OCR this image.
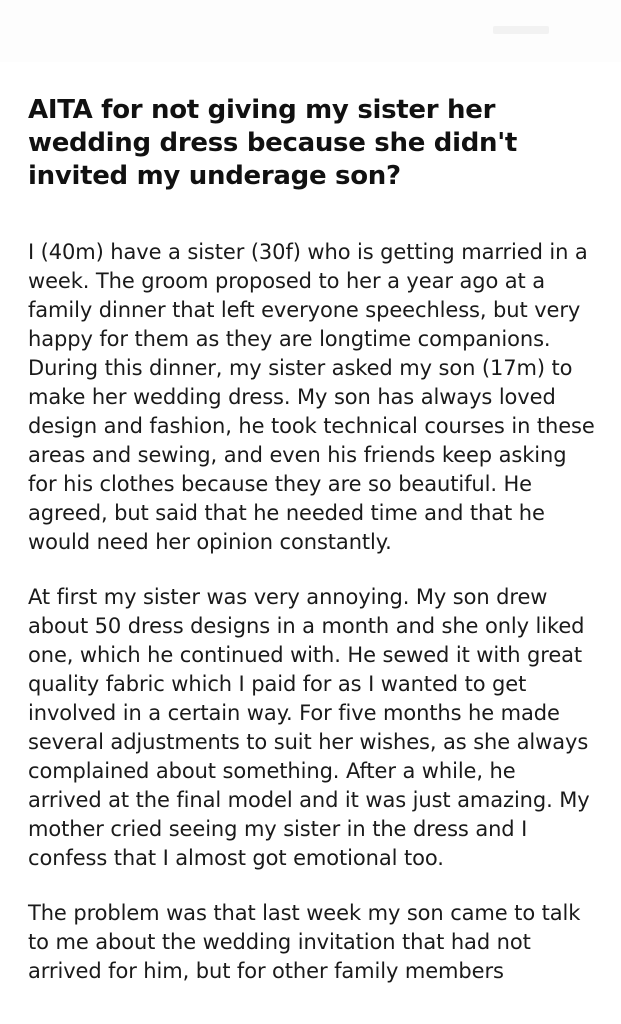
AITA for not giving my sister her wedding dress because she didn't invited my underage son?

I (40m) have a sister (30f) who is getting married in a week. The groom proposed to her a year ago at a family dinner that left everyone speechless, but very happy for them as they are longtime companions. During this dinner, my sister asked my son (17m) to make her wedding dress. My son has always loved design and fashion, he took technical courses in these areas and sewing, and even his friends keep asking for his clothes because they are so beautiful. He agreed, but said that he needed time and that he would need her opinion constantly.

At first my sister was very annoying. My son drew about 50 dress designs in a month and she only liked one, which he continued with. He sewed it with great quality fabric which I paid for as I wanted to get involved in a certain way. For five months he made several adjustments to suit her wishes, as she always complained about something. After a while, he arrived at the final model and it was just amazing. My mother cried seeing my sister in the dress and I confess that I almost got emotional too.

The problem was that last week my son came to talk to me about the wedding invitation that had not arrived for him, but for other family members
